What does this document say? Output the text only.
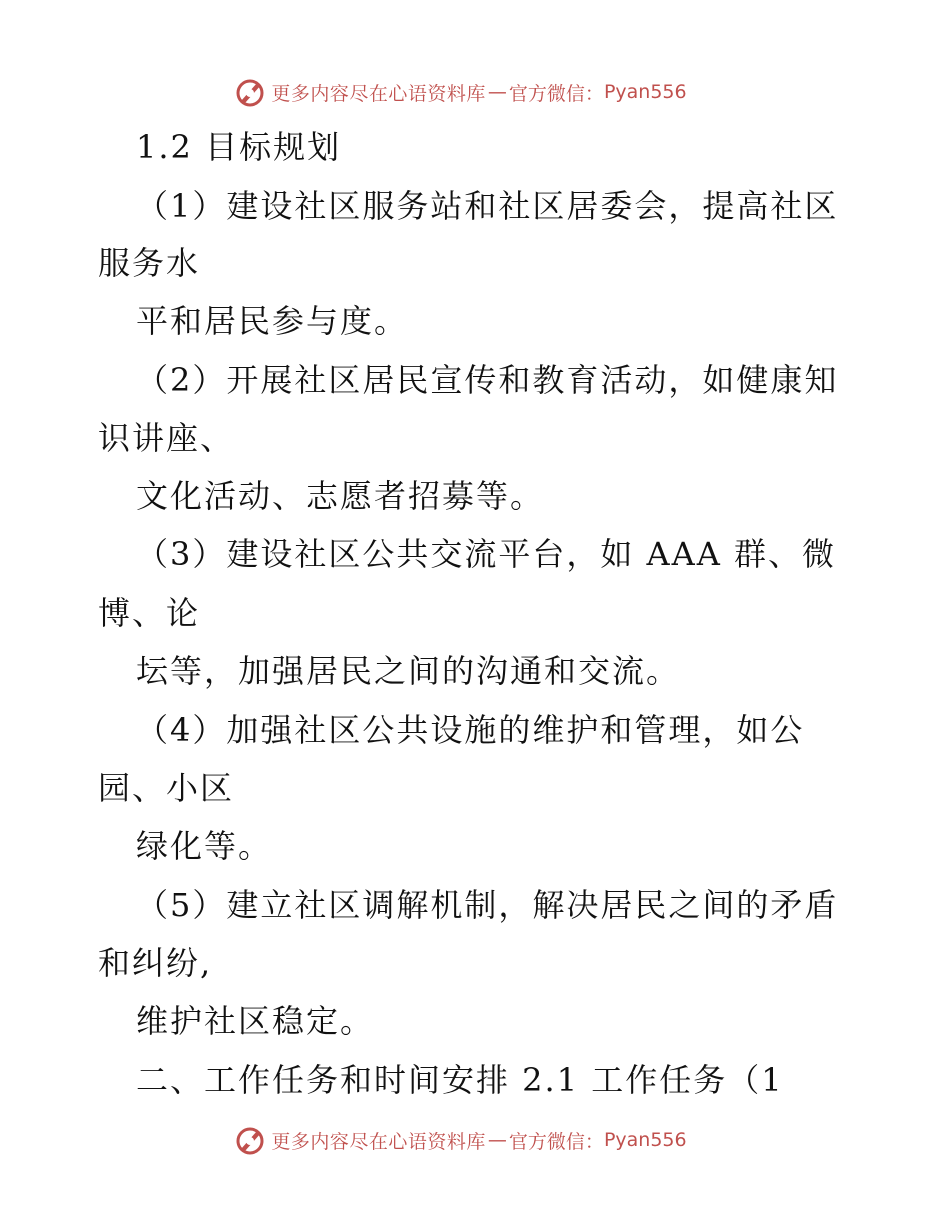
更多内容尽在心语资料库 — 官方微信： Pyan556
1.2 目标规划
（1）建设社区服务站和社区居委会，提高社区
服务水
平和居民参与度。
（2）开展社区居民宣传和教育活动，如健康知
识讲座、
文化活动、志愿者招募等。
（3）建设社区公共交流平台，如 AAA 群、微
博、论
坛等，加强居民之间的沟通和交流。
（4）加强社区公共设施的维护和管理，如公
园、小区
绿化等。
（5）建立社区调解机制，解决居民之间的矛盾
和纠纷,
维护社区稳定。
二、工作任务和时间安排 2.1 工作任务（1
更多内容尽在心语资料库 — 官方微信： Pyan556
